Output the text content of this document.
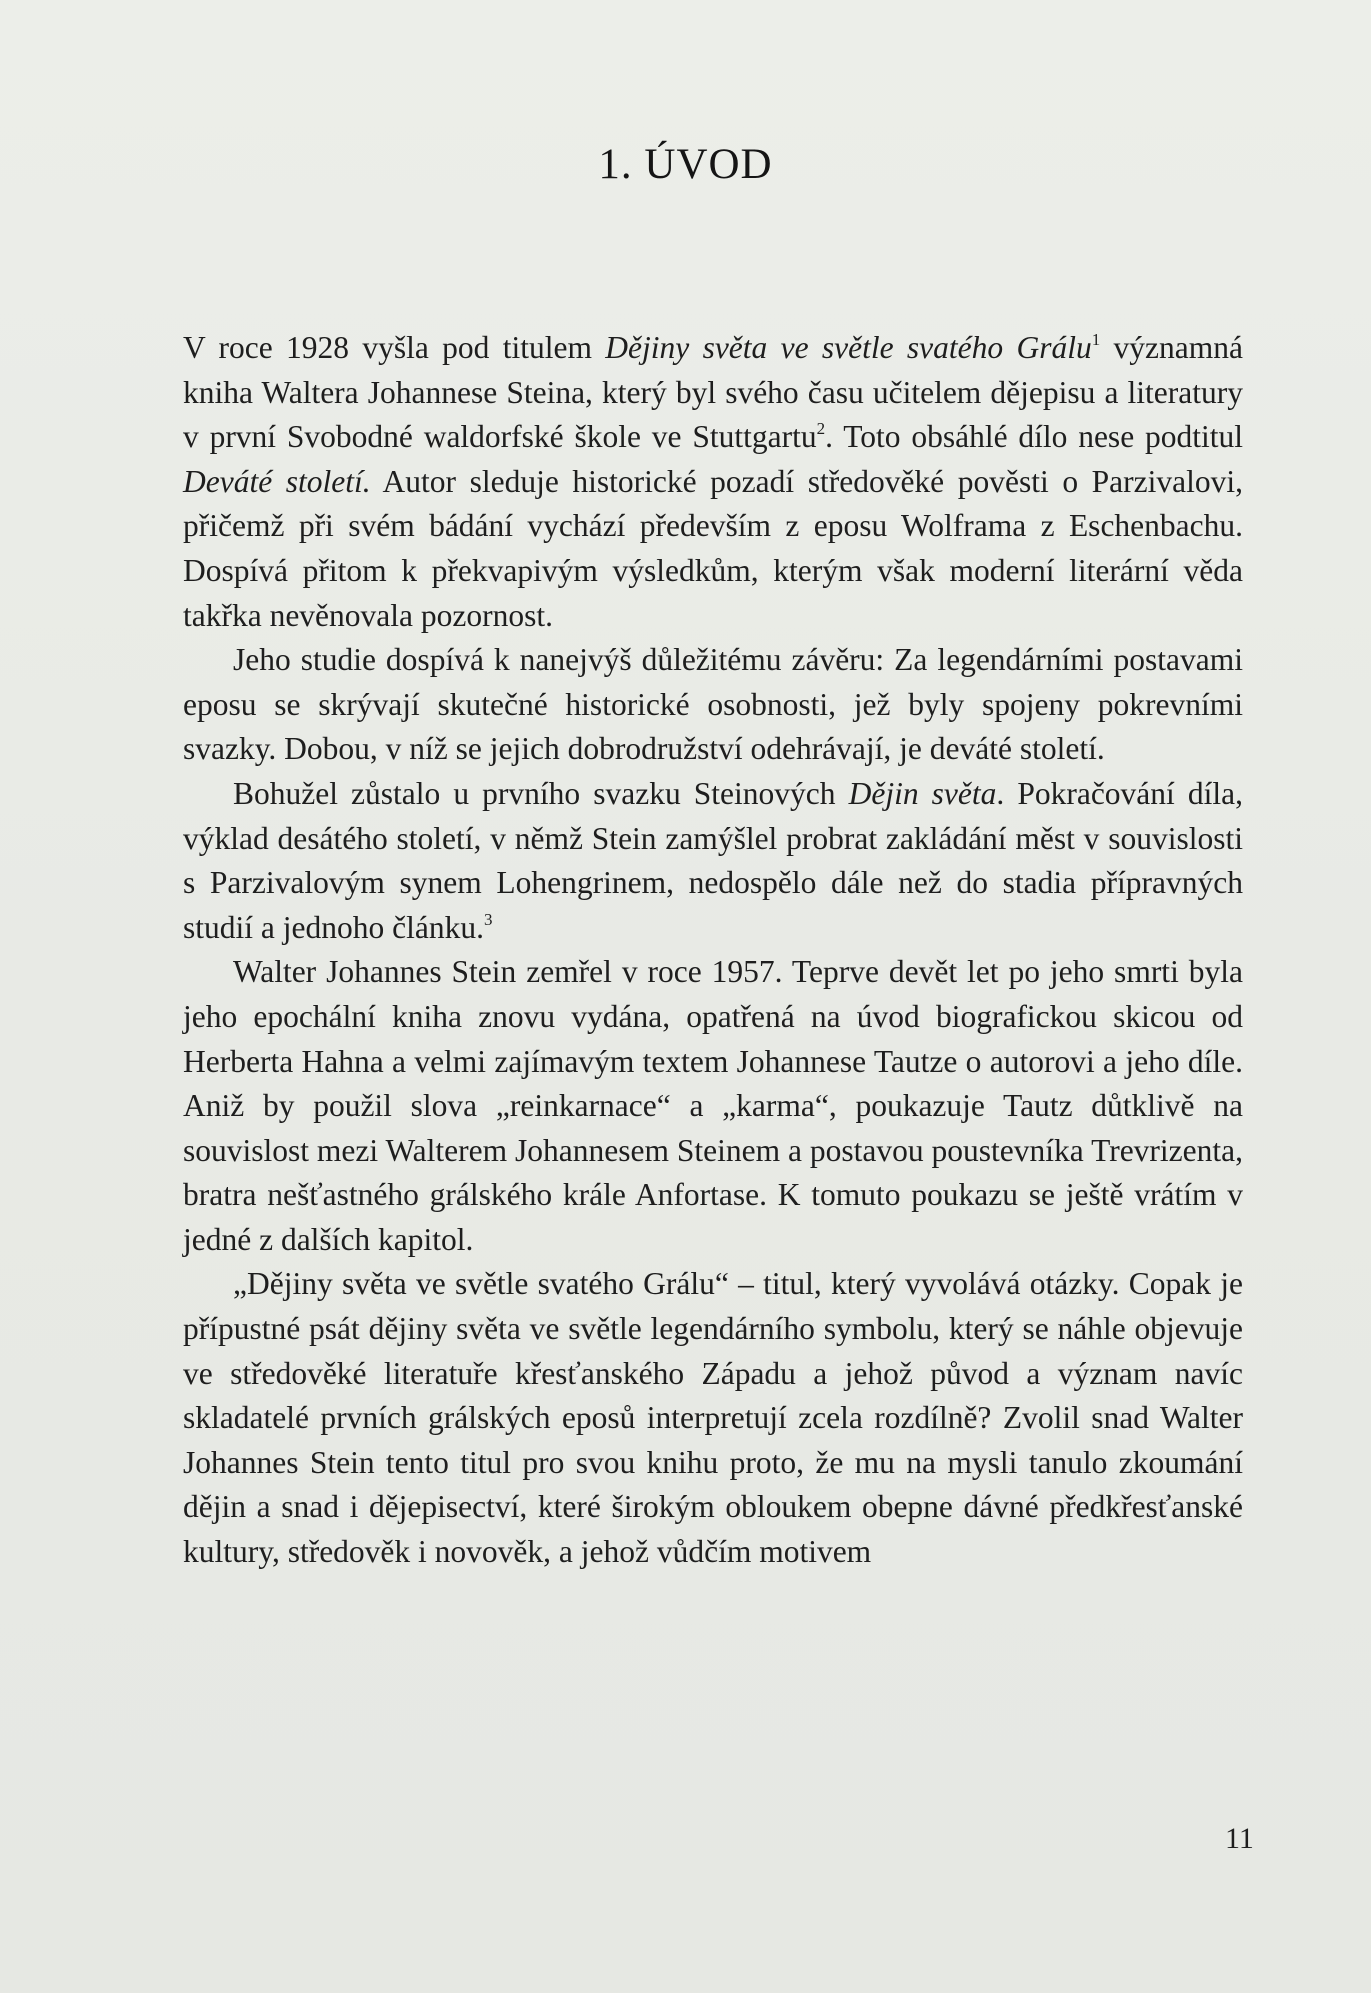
1. ÚVOD

V roce 1928 vyšla pod titulem Dějiny světa ve světle svatého Grálu$^1$ významná kniha Waltera Johannese Steina, který byl svého času učitelem dějepisu a literatury v první Svobodné waldorfské škole ve Stuttgartu$^2$. Toto obsáhlé dílo nese podtitul Deváté století. Autor sleduje historické pozadí středověké pověsti o Parzivalovi, přičemž při svém bádání vychází především z eposu Wolframa z Eschenbachu. Dospívá přitom k překvapivým výsledkům, kterým však moderní literární věda takřka nevěnovala pozornost.

Jeho studie dospívá k nanejvýš důležitému závěru: Za legendárními postavami eposu se skrývají skutečné historické osobnosti, jež byly spojeny pokrevními svazky. Dobou, v níž se jejich dobrodružství odehrávají, je deváté století.

Bohužel zůstalo u prvního svazku Steinových Dějin světa. Pokračování díla, výklad desátého století, v němž Stein zamýšlel probrat zakládání měst v souvislosti s Parzivalovým synem Lohengrinem, nedospělo dále než do stadia přípravných studií a jednoho článku.$^3$

Walter Johannes Stein zemřel v roce 1957. Teprve devět let po jeho smrti byla jeho epochální kniha znovu vydána, opatřená na úvod biografickou skicou od Herberta Hahna a velmi zajímavým textem Johannese Tautze o autorovi a jeho díle. Aniž by použil slova „reinkarnace“ a „karma“, poukazuje Tautz důtklivě na souvislost mezi Walterem Johannesem Steinem a postavou poustevníka Trevrizenta, bratra nešťastného grálského krále Anfortase. K tomuto poukazu se ještě vrátím v jedné z dalších kapitol.

„Dějiny světa ve světle svatého Grálu“ – titul, který vyvolává otázky. Copak je přípustné psát dějiny světa ve světle legendárního symbolu, který se náhle objevuje ve středověké literatuře křesťanského Západu a jehož původ a význam navíc skladatelé prvních grálských eposů interpretují zcela rozdílně? Zvolil snad Walter Johannes Stein tento titul pro svou knihu proto, že mu na mysli tanulo zkoumání dějin a snad i dějepisectví, které širokým obloukem obepne dávné předkřesťanské kultury, středověk i novověk, a jehož vůdčím motivem

11
